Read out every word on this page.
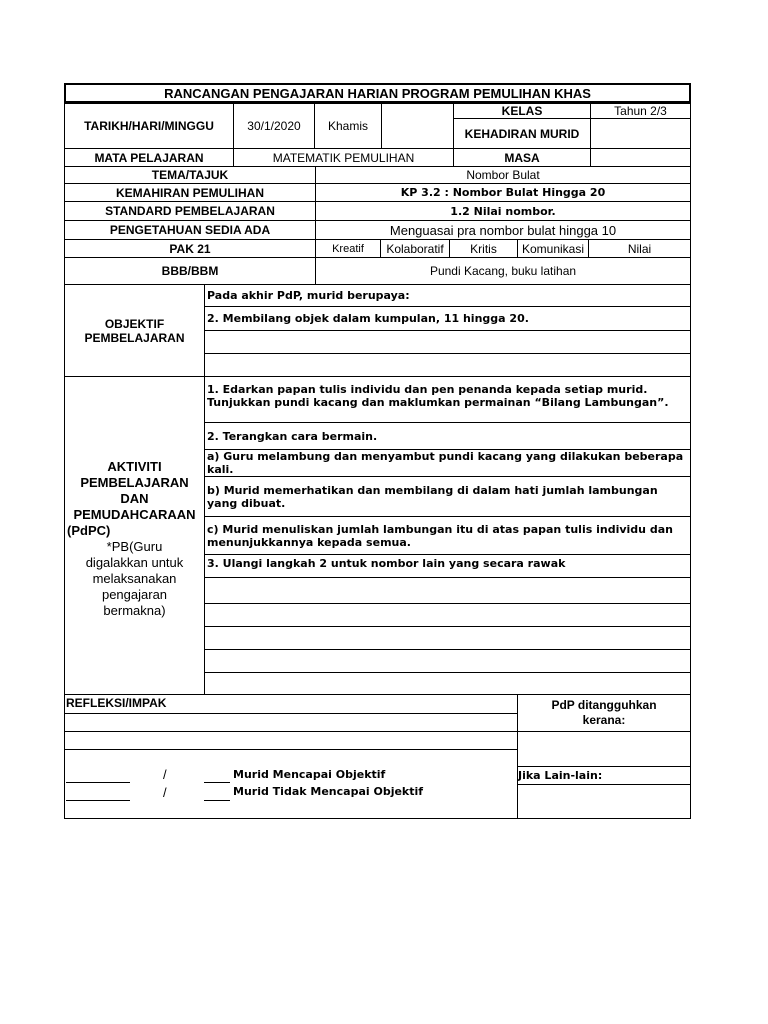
RANCANGAN PENGAJARAN HARIAN PROGRAM PEMULIHAN KHAS
TARIKH/HARI/MINGGU	30/1/2020	Khamis
KELAS	Tahun 2/3
KEHADIRAN MURID
MATA PELAJARAN	MATEMATIK PEMULIHAN	MASA
TEMA/TAJUK	Nombor Bulat
KEMAHIRAN PEMULIHAN	KP 3.2 : Nombor Bulat Hingga 20
STANDARD PEMBELAJARAN	1.2 Nilai nombor.
PENGETAHUAN SEDIA ADA	Menguasai pra nombor bulat hingga 10
PAK 21	Kreatif	Kolaboratif	Kritis	Komunikasi	Nilai
BBB/BBM	Pundi Kacang, buku latihan
OBJEKTIF
PEMBELAJARAN
Pada akhir PdP, murid berupaya:
2. Membilang objek dalam kumpulan, 11 hingga 20.
AKTIVITI
PEMBELAJARAN
DAN
PEMUDAHCARAAN
(PdPC)
*PB(Guru
digalakkan untuk
melaksanakan
pengajaran
bermakna)
1. Edarkan papan tulis individu dan pen penanda kepada setiap murid. Tunjukkan pundi kacang dan maklumkan permainan “Bilang Lambungan”.
2. Terangkan cara bermain.
a) Guru melambung dan menyambut pundi kacang yang dilakukan beberapa kali.
b) Murid memerhatikan dan membilang di dalam hati jumlah lambungan yang dibuat.
c) Murid menuliskan jumlah lambungan itu di atas papan tulis individu dan menunjukkannya kepada semua.
3. Ulangi langkah 2 untuk nombor lain yang secara rawak
REFLEKSI/IMPAK
/	Murid Mencapai Objektif
/	Murid Tidak Mencapai Objektif
PdP ditangguhkan
kerana:
Jika Lain-lain:
